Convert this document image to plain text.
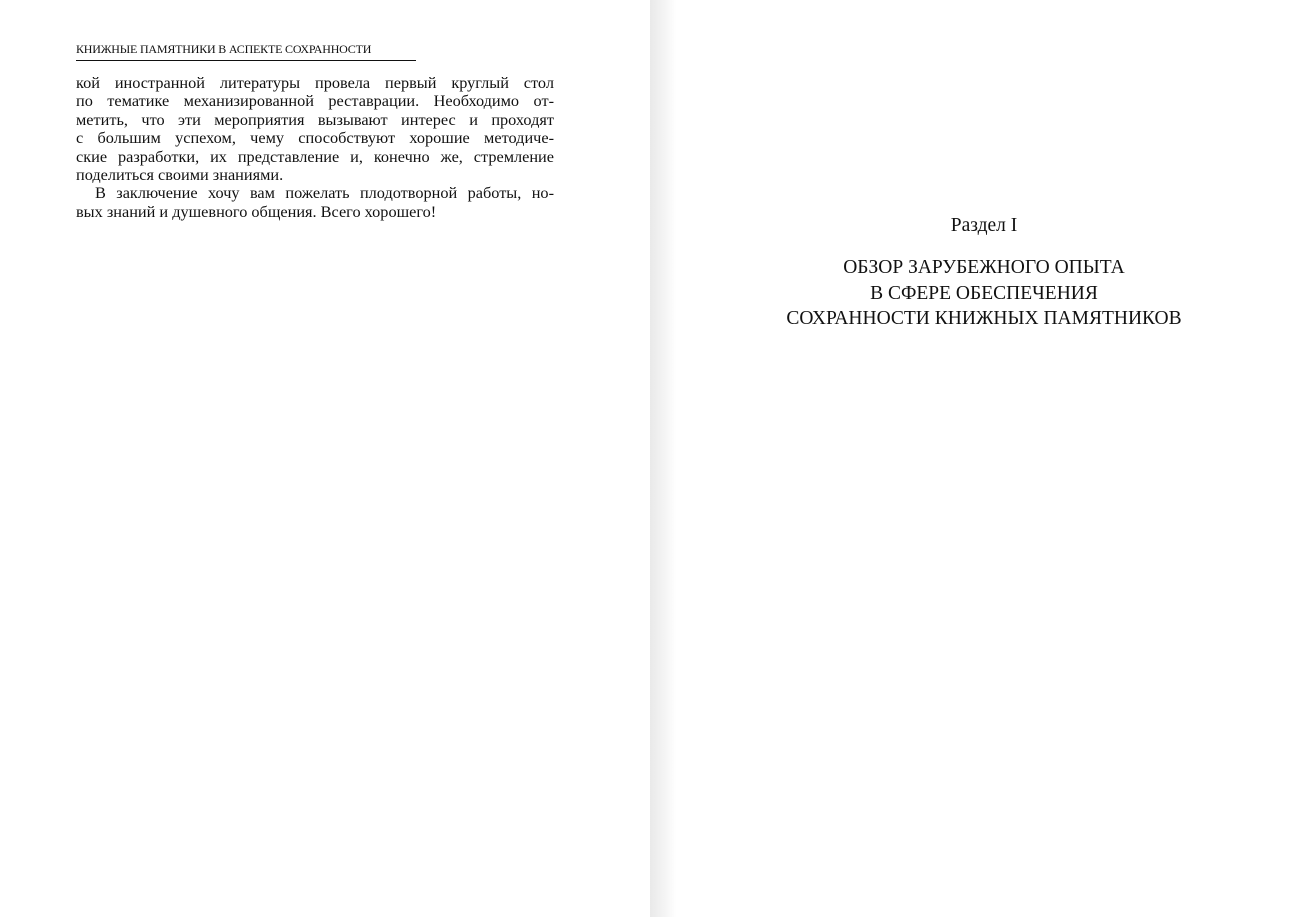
КНИЖНЫЕ ПАМЯТНИКИ В АСПЕКТЕ СОХРАННОСТИ
кой иностранной литературы провела первый круглый стол
по тематике механизированной реставрации. Необходимо от-
метить, что эти мероприятия вызывают интерес и проходят
с большим успехом, чему способствуют хорошие методиче-
ские разработки, их представление и, конечно же, стремление
поделиться своими знаниями.
В заключение хочу вам пожелать плодотворной работы, но-
вых знаний и душевного общения. Всего хорошего!
Раздел I
ОБЗОР ЗАРУБЕЖНОГО ОПЫТА
В СФЕРЕ ОБЕСПЕЧЕНИЯ
СОХРАННОСТИ КНИЖНЫХ ПАМЯТНИКОВ
